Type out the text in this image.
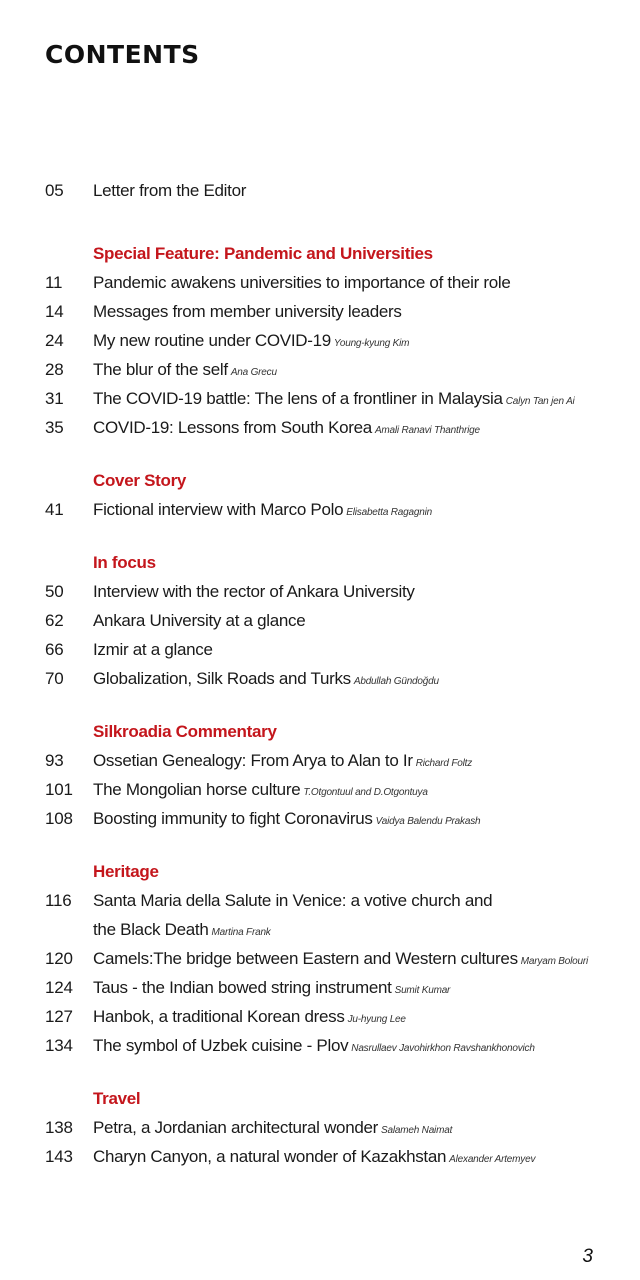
CONTENTS
05 Letter from the Editor
Special Feature: Pandemic and Universities
11 Pandemic awakens universities to importance of their role
14 Messages from member university leaders
24 My new routine under COVID-19 Young-kyung Kim
28 The blur of the self Ana Grecu
31 The COVID-19 battle: The lens of a frontliner in Malaysia Calyn Tan jen Ai
35 COVID-19: Lessons from South Korea Amali Ranavi Thanthrige
Cover Story
41 Fictional interview with Marco Polo Elisabetta Ragagnin
In focus
50 Interview with the rector of Ankara University
62 Ankara University at a glance
66 Izmir at a glance
70 Globalization, Silk Roads and Turks Abdullah Gündoğdu
Silkroadia Commentary
93 Ossetian Genealogy: From Arya to Alan to Ir Richard Foltz
101 The Mongolian horse culture T.Otgontuul and D.Otgontuya
108 Boosting immunity to fight Coronavirus Vaidya Balendu Prakash
Heritage
116 Santa Maria della Salute in Venice: a votive church and
the Black Death Martina Frank
120 Camels:The bridge between Eastern and Western cultures Maryam Bolouri
124 Taus - the Indian bowed string instrument Sumit Kumar
127 Hanbok, a traditional Korean dress Ju-hyung Lee
134 The symbol of Uzbek cuisine - Plov Nasrullaev Javohirkhon Ravshankhonovich
Travel
138 Petra, a Jordanian architectural wonder Salameh Naimat
143 Charyn Canyon, a natural wonder of Kazakhstan Alexander Artemyev
3
